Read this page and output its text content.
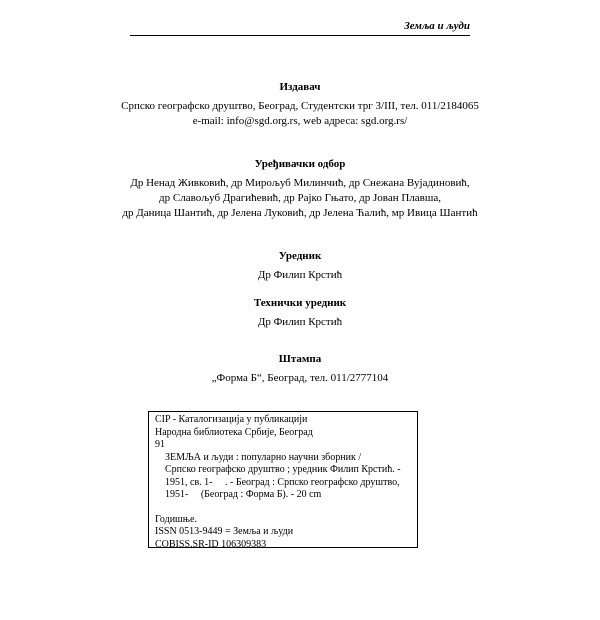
Земља и људи
Издавач
Српско географско друштво, Београд, Студентски трг 3/III, тел. 011/2184065
e-mail: info@sgd.org.rs, web адреса: sgd.org.rs/
Уређивачки одбор
Др Ненад Живковић, др Мирољуб Милинчић, др Снежана Вујадиновић,
др Славољуб Драгићевић, др Рајко Гњато, др Јован Плавша,
др Даница Шантић, др Јелена Луковић, др Јелена Ћалић, мр Ивица Шантић
Уредник
Др Филип Крстић
Технички уредник
Др Филип Крстић
Штампа
„Форма Б“, Београд, тел. 011/2777104
CIP - Каталогизација у публикацији
Народна библиотека Србије, Београд
91
ЗЕМЉА и људи : популарно научни зборник /
Српско географско друштво ; уредник Филип Крстић. -
1951, св. 1-     . - Београд : Српско географско друштво,
1951-     (Београд : Форма Б). - 20 cm
Годишње.
ISSN 0513-9449 = Земља и људи
COBISS.SR-ID 106309383
